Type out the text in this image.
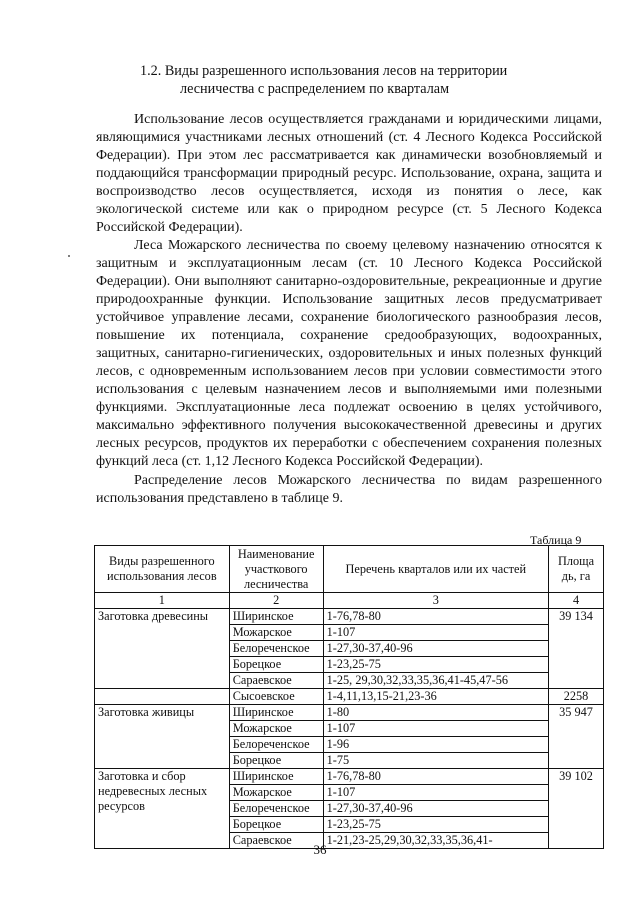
1.2. Виды разрешенного использования лесов на территории
лесничества с распределением по кварталам

Использование лесов осуществляется гражданами и юридическими лицами, являющимися участниками лесных отношений (ст. 4 Лесного Кодекса Российской Федерации). При этом лес рассматривается как динамически возобновляемый и поддающийся трансформации природный ресурс. Использование, охрана, защита и воспроизводство лесов осуществляется, исходя из понятия о лесе, как экологической системе или как о природном ресурсе (ст. 5 Лесного Кодекса Российской Федерации).

Леса Можарского лесничества по своему целевому назначению относятся к защитным и эксплуатационным лесам (ст. 10 Лесного Кодекса Российской Федерации). Они выполняют санитарно-оздоровительные, рекреационные и другие природоохранные функции. Использование защитных лесов предусматривает устойчивое управление лесами, сохранение биологического разнообразия лесов, повышение их потенциала, сохранение средообразующих, водоохранных, защитных, санитарно-гигиенических, оздоровительных и иных полезных функций лесов, с одновременным использованием лесов при условии совместимости этого использования с целевым назначением лесов и выполняемыми ими полезными функциями. Эксплуатационные леса подлежат освоению в целях устойчивого, максимально эффективного получения высококачественной древесины и других лесных ресурсов, продуктов их переработки с обеспечением сохранения полезных функций леса (ст. 1,12 Лесного Кодекса Российской Федерации).

Распределение лесов Можарского лесничества по видам разрешенного использования представлено в таблице 9.

Таблица 9
Виды разрешенного использования лесов	Наименование участкового лесничества	Перечень кварталов или их частей	Площа дь, га
1	2	3	4
Заготовка древесины	Ширинское	1-76,78-80	39 134
	Можарское	1-107	
	Белореченское	1-27,30-37,40-96	
	Борецкое	1-23,25-75	
	Сараевское	1-25, 29,30,32,33,35,36,41-45,47-56	
	Сысоевское	1-4,11,13,15-21,23-36	2258
Заготовка живицы	Ширинское	1-80	35 947
	Можарское	1-107	
	Белореченское	1-96	
	Борецкое	1-75	
Заготовка и сбор недревесных лесных ресурсов	Ширинское	1-76,78-80	39 102
	Можарское	1-107	
	Белореченское	1-27,30-37,40-96	
	Борецкое	1-23,25-75	
	Сараевское	1-21,23-25,29,30,32,33,35,36,41-	
36
